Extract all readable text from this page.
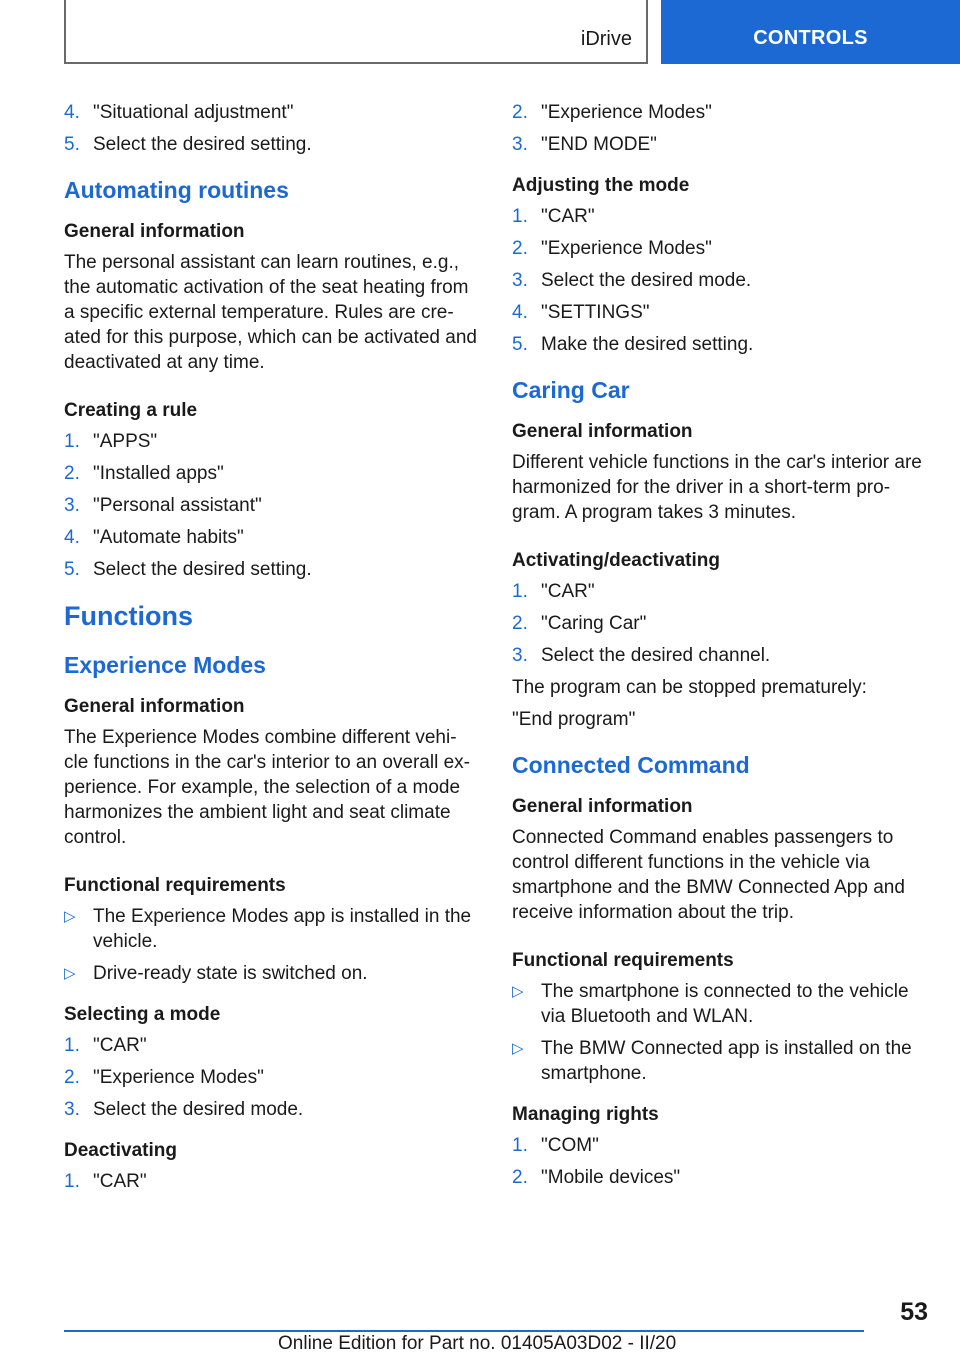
iDrive	CONTROLS
4. "Situational adjustment"
5. Select the desired setting.
Automating routines
General information
The personal assistant can learn routines, e.g., the automatic activation of the seat heating from a specific external temperature. Rules are cre‐ ated for this purpose, which can be activated and deactivated at any time.
Creating a rule
1. "APPS"
2. "Installed apps"
3. "Personal assistant"
4. "Automate habits"
5. Select the desired setting.
Functions
Experience Modes
General information
The Experience Modes combine different vehi‐ cle functions in the car's interior to an overall ex‐ perience. For example, the selection of a mode harmonizes the ambient light and seat climate control.
Functional requirements
▷ The Experience Modes app is installed in the vehicle.
▷ Drive-ready state is switched on.
Selecting a mode
1. "CAR"
2. "Experience Modes"
3. Select the desired mode.
Deactivating
1. "CAR"
2. "Experience Modes"
3. "END MODE"
Adjusting the mode
1. "CAR"
2. "Experience Modes"
3. Select the desired mode.
4. "SETTINGS"
5. Make the desired setting.
Caring Car
General information
Different vehicle functions in the car's interior are harmonized for the driver in a short-term pro‐ gram. A program takes 3 minutes.
Activating/deactivating
1. "CAR"
2. "Caring Car"
3. Select the desired channel.
The program can be stopped prematurely:
"End program"
Connected Command
General information
Connected Command enables passengers to control different functions in the vehicle via smartphone and the BMW Connected App and receive information about the trip.
Functional requirements
▷ The smartphone is connected to the vehicle via Bluetooth and WLAN.
▷ The BMW Connected app is installed on the smartphone.
Managing rights
1. "COM"
2. "Mobile devices"
53
Online Edition for Part no. 01405A03D02 - II/20
